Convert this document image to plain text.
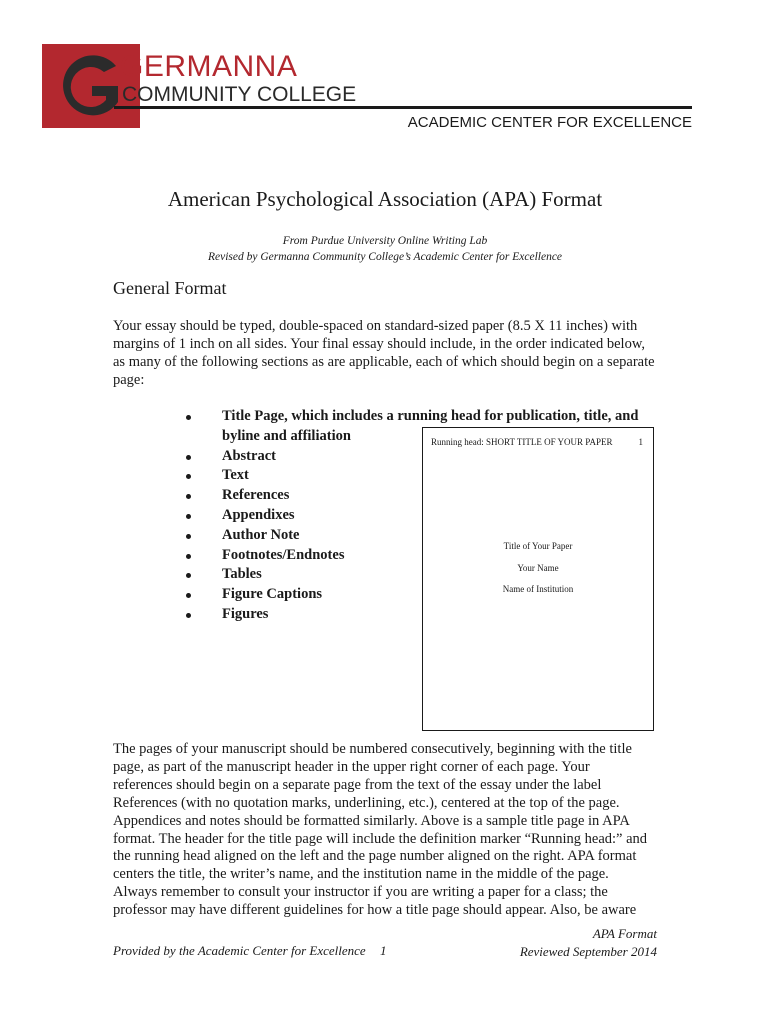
G
GERMANNA
COMMUNITY COLLEGE
ACADEMIC CENTER FOR EXCELLENCE
American Psychological Association (APA) Format
From Purdue University Online Writing Lab
Revised by Germanna Community College’s Academic Center for Excellence
General Format
Your essay should be typed, double-spaced on standard-sized paper (8.5 X 11 inches) with
margins of 1 inch on all sides. Your final essay should include, in the order indicated below,
as many of the following sections as are applicable, each of which should begin on a separate
page:
Title Page, which includes a running head for publication, title, and byline and affiliation
Abstract
Text
References
Appendixes
Author Note
Footnotes/Endnotes
Tables
Figure Captions
Figures
Running head: SHORT TITLE OF YOUR PAPER	1
Title of Your Paper
Your Name
Name of Institution
The pages of your manuscript should be numbered consecutively, beginning with the title
page, as part of the manuscript header in the upper right corner of each page. Your
references should begin on a separate page from the text of the essay under the label
References (with no quotation marks, underlining, etc.), centered at the top of the page.
Appendices and notes should be formatted similarly. Above is a sample title page in APA
format. The header for the title page will include the definition marker “Running head:” and
the running head aligned on the left and the page number aligned on the right. APA format
centers the title, the writer’s name, and the institution name in the middle of the page.
Always remember to consult your instructor if you are writing a paper for a class; the
professor may have different guidelines for how a title page should appear. Also, be aware
Provided by the Academic Center for Excellence 1
APA Format
Reviewed September 2014
